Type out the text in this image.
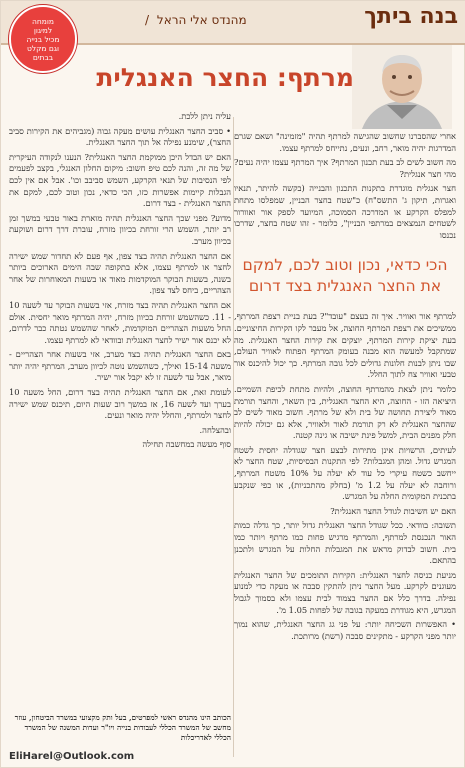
בנה ביתך
מהנדס אלי הראל /
מומחה
למיגון
מכיל בנייה
וגם מקלט
בבתים
מרתף: החצר האנגלית

אחרי שהסברנו שחשוב שהגישה למרתף תהיה "מזמינה" ושאם שגרם המדרגות יהיה מואר, רחב, ונעים, נתייחס למרתף עצמו.

מה חשוב לשים לב בעת תכנון המרתף? איך המרתף עצמו יהיה נעים? מהי חצר אנגלית?

חצר אנגלית מוגדרת בתקנות התכנון והבנייה (בקשה להיתר, תנאיו ואגרות, תיקון ג' התשס"ח) כ"שטח בחצר הבניין, שמפלסו מתחת למפלס הקרקע או המדרכה הסמוכה, המיועד לספק אור ואוורור לשטחים הנמצאים במרתפי הבניין", כלומר - זהו שטח בחצר, שדרכו נכנסו

הכי כדאי, נכון וטוב לכם, למקם את החצר האנגלית בצד דרום

למרתף אור ואוויר. איך זה בעצם "עובד"? בעת בניית רצפת המרתף, ממשיכים את רצפת המרתף החוצה, אל מעבר לקו הקירות החיצוניים. בעת יציקת קירות המרתף, יוצקים את קירות החצר האנגלית. מה שמתקבל למעשה הוא מבנה בעומק המרתף הפתוח לאוויר העולם, שבו ניתן לבנות חלונות גדולים לכל גובה המרתף. כך יכול להיכנס אור טבעי ואוויר צח לתוך החלל.

כלומר ניתן לצאת מהמרתף החוצה, ולהיות מתחת לכיפת השמיים. היציאה הזו - החוצה, היא החצר האנגלית, בין השאר, והחצר תורמת מאוד ליצירת תחושה של בית ולא של מרתף. חשוב מאוד לשים לב שהחצר האנגלית לא רק תורמת לאור ולאוויר, אלא גם יכולה להיות חלק מפנים הבית, למשל פינת ישיבה או גינה קטנה.

לעיתים, הרשויות אינן מתירות לבצע חצר שגודלה יחסית לשטח המגרש גדול. ומהן המגבלות? לפי התקנות הבסיסיות, שטח החצר לא ייחשב כשטח עיקרי כל עוד לא יעלה על 10% משטח המרתף, ורוחבה לא יעלה על 1.2 מ' (בחלק מהתכניות), או כפי שנקבע בתכנית המקומית החלה על המגרש.

האם יש חשיבות לגודל החצר האנגלית?

תשובה: בוודאי. ככל שגודל החצר האנגלית גדול יותר, כך גדלה כמות האור הנכנסת למרתף, והמרתף מרגיש פחות כמו מרתף ויותר כמו בית. חשוב לבדוק מראש את המגבלות החלות על המגרש ולתכנן בהתאם.

מניעת כניסה לחצר האנגלית: הקירות התומכים של החצר האנגלית מעוגנים לקרקע. מעל החצר ניתן להתקין סבכה או מעקה כדי למנוע נפילה. בדרך כלל אם החצר בצמוד לבית עצמו ולא בסמוך לגבול המגרש, היא מגודרת במעקה בגובה של לפחות 1.05 מ'.

• האפשרות השכיחה יותר: על פני גג החצר האנגלית, שהוא נמוך יותר מפני הקרקע - מתקינים סבכה (רשת) מרותכת.

עליה ניתן ללכת.

• סביב החצר האנגלית עושים מעקה גבוה (מגביהים את הקירות סביב החצר), שימנע נפילה אל תוך החצר האנגלית.

האם יש הבדל היכן ממוקמת החצר האנגלית? הנענו לנקודה העיקרית של מה זה, והנה לכם טיפ חשוב: מיקום החלון האנגלי, בקצב לפעמים לפי הנסיבות של תנאי הקרקע, השמש סביבב וכו'. אבל אם אין לכם הגבלות קיימות אפשרות כזו, הכי כדאי, נכון וטוב לכם, למקם את החצר האנגלית - בצד דרום.

מדוע? מפני שכך החצר האנגלית תהיה מוארת באור טבעי במשך זמן רב יותר, השמש הרי זורחת בכיוון מזרח, עוברת דרך דרום ושוקעת בכיוון מערב.

אם החצר האנגלית תהיה בצד צפון, אף פעם לא תחדור שמש ישירה לחצר או למרתף עצמו, אלא בתקופה שבה הימים הארוכים ביותר בשנה, בשעות הבוקר המוקדמות מאוד או בשעות המאוחרות של אחר הצהריים, ביחס לצד צפון.

אם החצר האנגלית תהיה בצד מזרח, אזי בשעות הבוקר עד לשעה 10 - 11. כשהשמש זורחת בכיוון מזרח, יהיה המרתף מואר יחסית. אולם החל משעות הצהריים המוקדמות, לאחר שהשמש נטתה כבר לדרום, לא יכנס אור ישיר לחצר האנגלית ובוודאי לא למרתף עצמו.

באם החצר האנגלית תהיה בצד מערב, אזי בשעות אחר הצהריים - משעה 15-14 ואילך, כשהשמש נוטה לכיוון מערב, המרתף יהיה יותר מואר, אבל עד לשעה זו לא יקבל אור ישיר.

לעומת זאת, אם החצר האנגלית תהיה בצד דרום, החל משעה 10 בערך ועד לשעה 16, אז במשך רוב שעות היום, תיכנס שמש ישירה לחצר ולמרתף, והחלל יהיה מואר ונעים.

ובהצלחה.

סוף מעשה במחשבה תחילה

הכותב הינו מהנדס ראשי למפרטים, בעל ותק מקצועי במשרד הביטחון, עוזר מחשב של המשרד הכללי לעבודות בנייה ויו"ר ועדות המשנה של המשרד הכללי לאדריכלות
EliHarel@Outlook.com
